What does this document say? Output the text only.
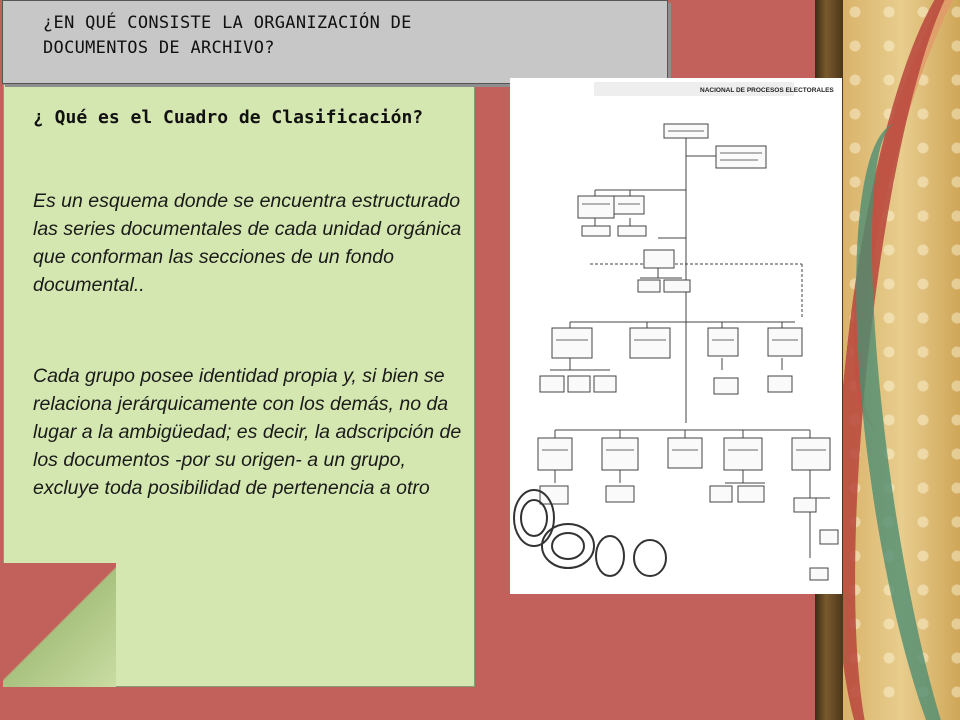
¿EN QUÉ CONSISTE LA ORGANIZACIÓN DE
DOCUMENTOS DE ARCHIVO?
¿ Qué es el Cuadro de Clasificación?

Es un esquema donde se encuentra estructurado las series documentales de cada unidad orgánica que conforman las secciones de un fondo documental..

Cada grupo posee identidad propia y, si bien se relaciona jerárquicamente con los demás, no da lugar a la ambigüedad; es decir, la adscripción de los documentos -por su origen- a un grupo, excluye toda posibilidad de pertenencia a otro

NACIONAL DE PROCESOS ELECTORALES
